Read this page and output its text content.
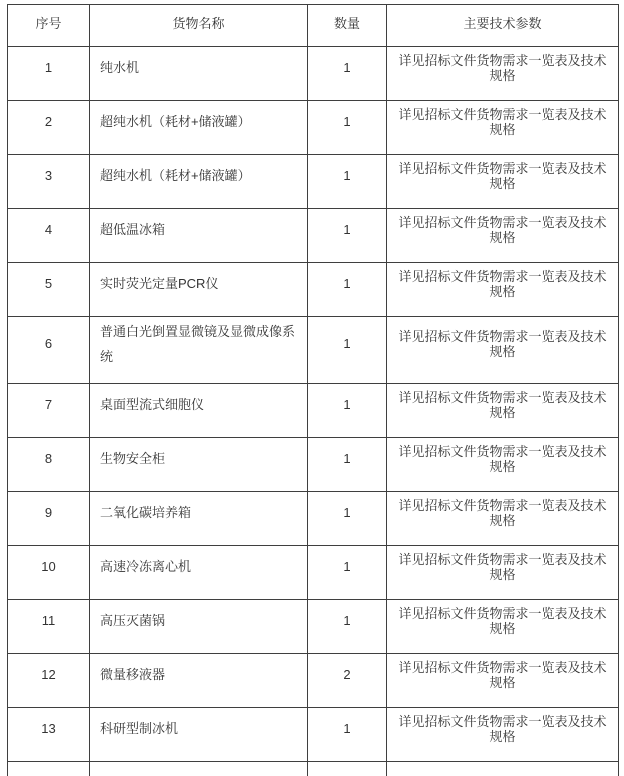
序号	货物名称	数量	主要技术参数
1	纯水机	1	详见招标文件货物需求一览表及技术规格
2	超纯水机（耗材+储液罐）	1	详见招标文件货物需求一览表及技术规格
3	超纯水机（耗材+储液罐）	1	详见招标文件货物需求一览表及技术规格
4	超低温冰箱	1	详见招标文件货物需求一览表及技术规格
5	实时荧光定量PCR仪	1	详见招标文件货物需求一览表及技术规格
6	普通白光倒置显微镜及显微成像系统	1	详见招标文件货物需求一览表及技术规格
7	桌面型流式细胞仪	1	详见招标文件货物需求一览表及技术规格
8	生物安全柜	1	详见招标文件货物需求一览表及技术规格
9	二氧化碳培养箱	1	详见招标文件货物需求一览表及技术规格
10	高速冷冻离心机	1	详见招标文件货物需求一览表及技术规格
11	高压灭菌锅	1	详见招标文件货物需求一览表及技术规格
12	微量移液器	2	详见招标文件货物需求一览表及技术规格
13	科研型制冰机	1	详见招标文件货物需求一览表及技术规格
